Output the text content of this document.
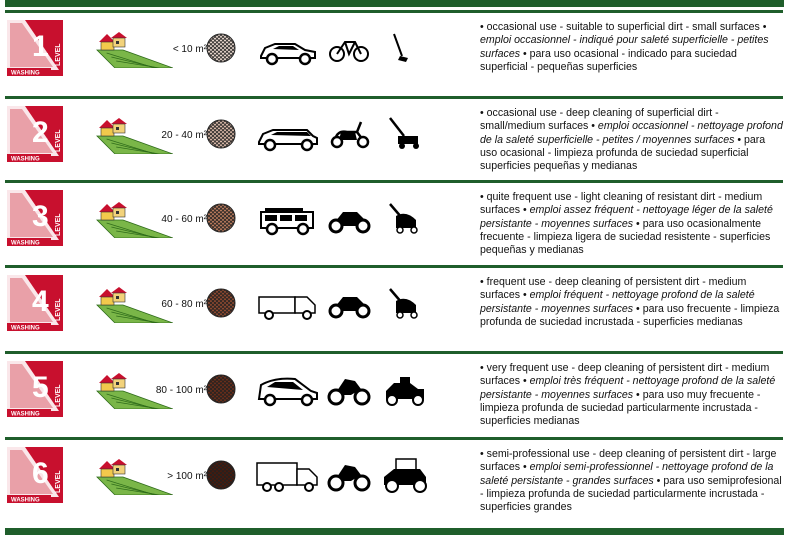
WASHING
1 LEVEL	< 10 m²
• occasional use - suitable to superficial dirt - small surfaces • emploi occasionnel - indiqué pour saleté superficielle - petites surfaces • para uso ocasional - indicado para suciedad superficial - pequeñas superficies
WASHING
2 LEVEL	20 - 40 m²
• occasional use - deep cleaning of superficial dirt - small/medium surfaces • emploi occasionnel - nettoyage profond de la saleté superficielle - petites / moyennes surfaces • para uso ocasional - limpieza profunda de suciedad superficial superficies pequeñas y medianas
WASHING
3 LEVEL	40 - 60 m²
• quite frequent use - light cleaning of resistant dirt - medium surfaces • emploi assez fréquent - nettoyage léger de la saleté persistante - moyennes surfaces • para uso ocasionalmente frecuente - limpieza ligera de suciedad resistente - superficies pequeñas y medianas
WASHING
4 LEVEL	60 - 80 m²
• frequent use - deep cleaning of persistent dirt - medium surfaces • emploi fréquent - nettoyage profond de la saleté persistante - moyennes surfaces • para uso frecuente - limpieza profunda de suciedad incrustada - superficies medianas
WASHING
5 LEVEL	80 - 100 m²
• very frequent use - deep cleaning of persistent dirt - medium surfaces • emploi très fréquent - nettoyage profond de la saleté persistante - moyennes surfaces • para uso muy frecuente - limpieza profunda de suciedad particularmente incrustada - superficies medianas
WASHING
6 LEVEL	> 100 m²
• semi-professional use - deep cleaning of persistent dirt - large surfaces • emploi semi-professionnel - nettoyage profond de la saleté persistante - grandes surfaces • para uso semiprofesional - limpieza profunda de suciedad particularmente incrustada - superficies grandes
